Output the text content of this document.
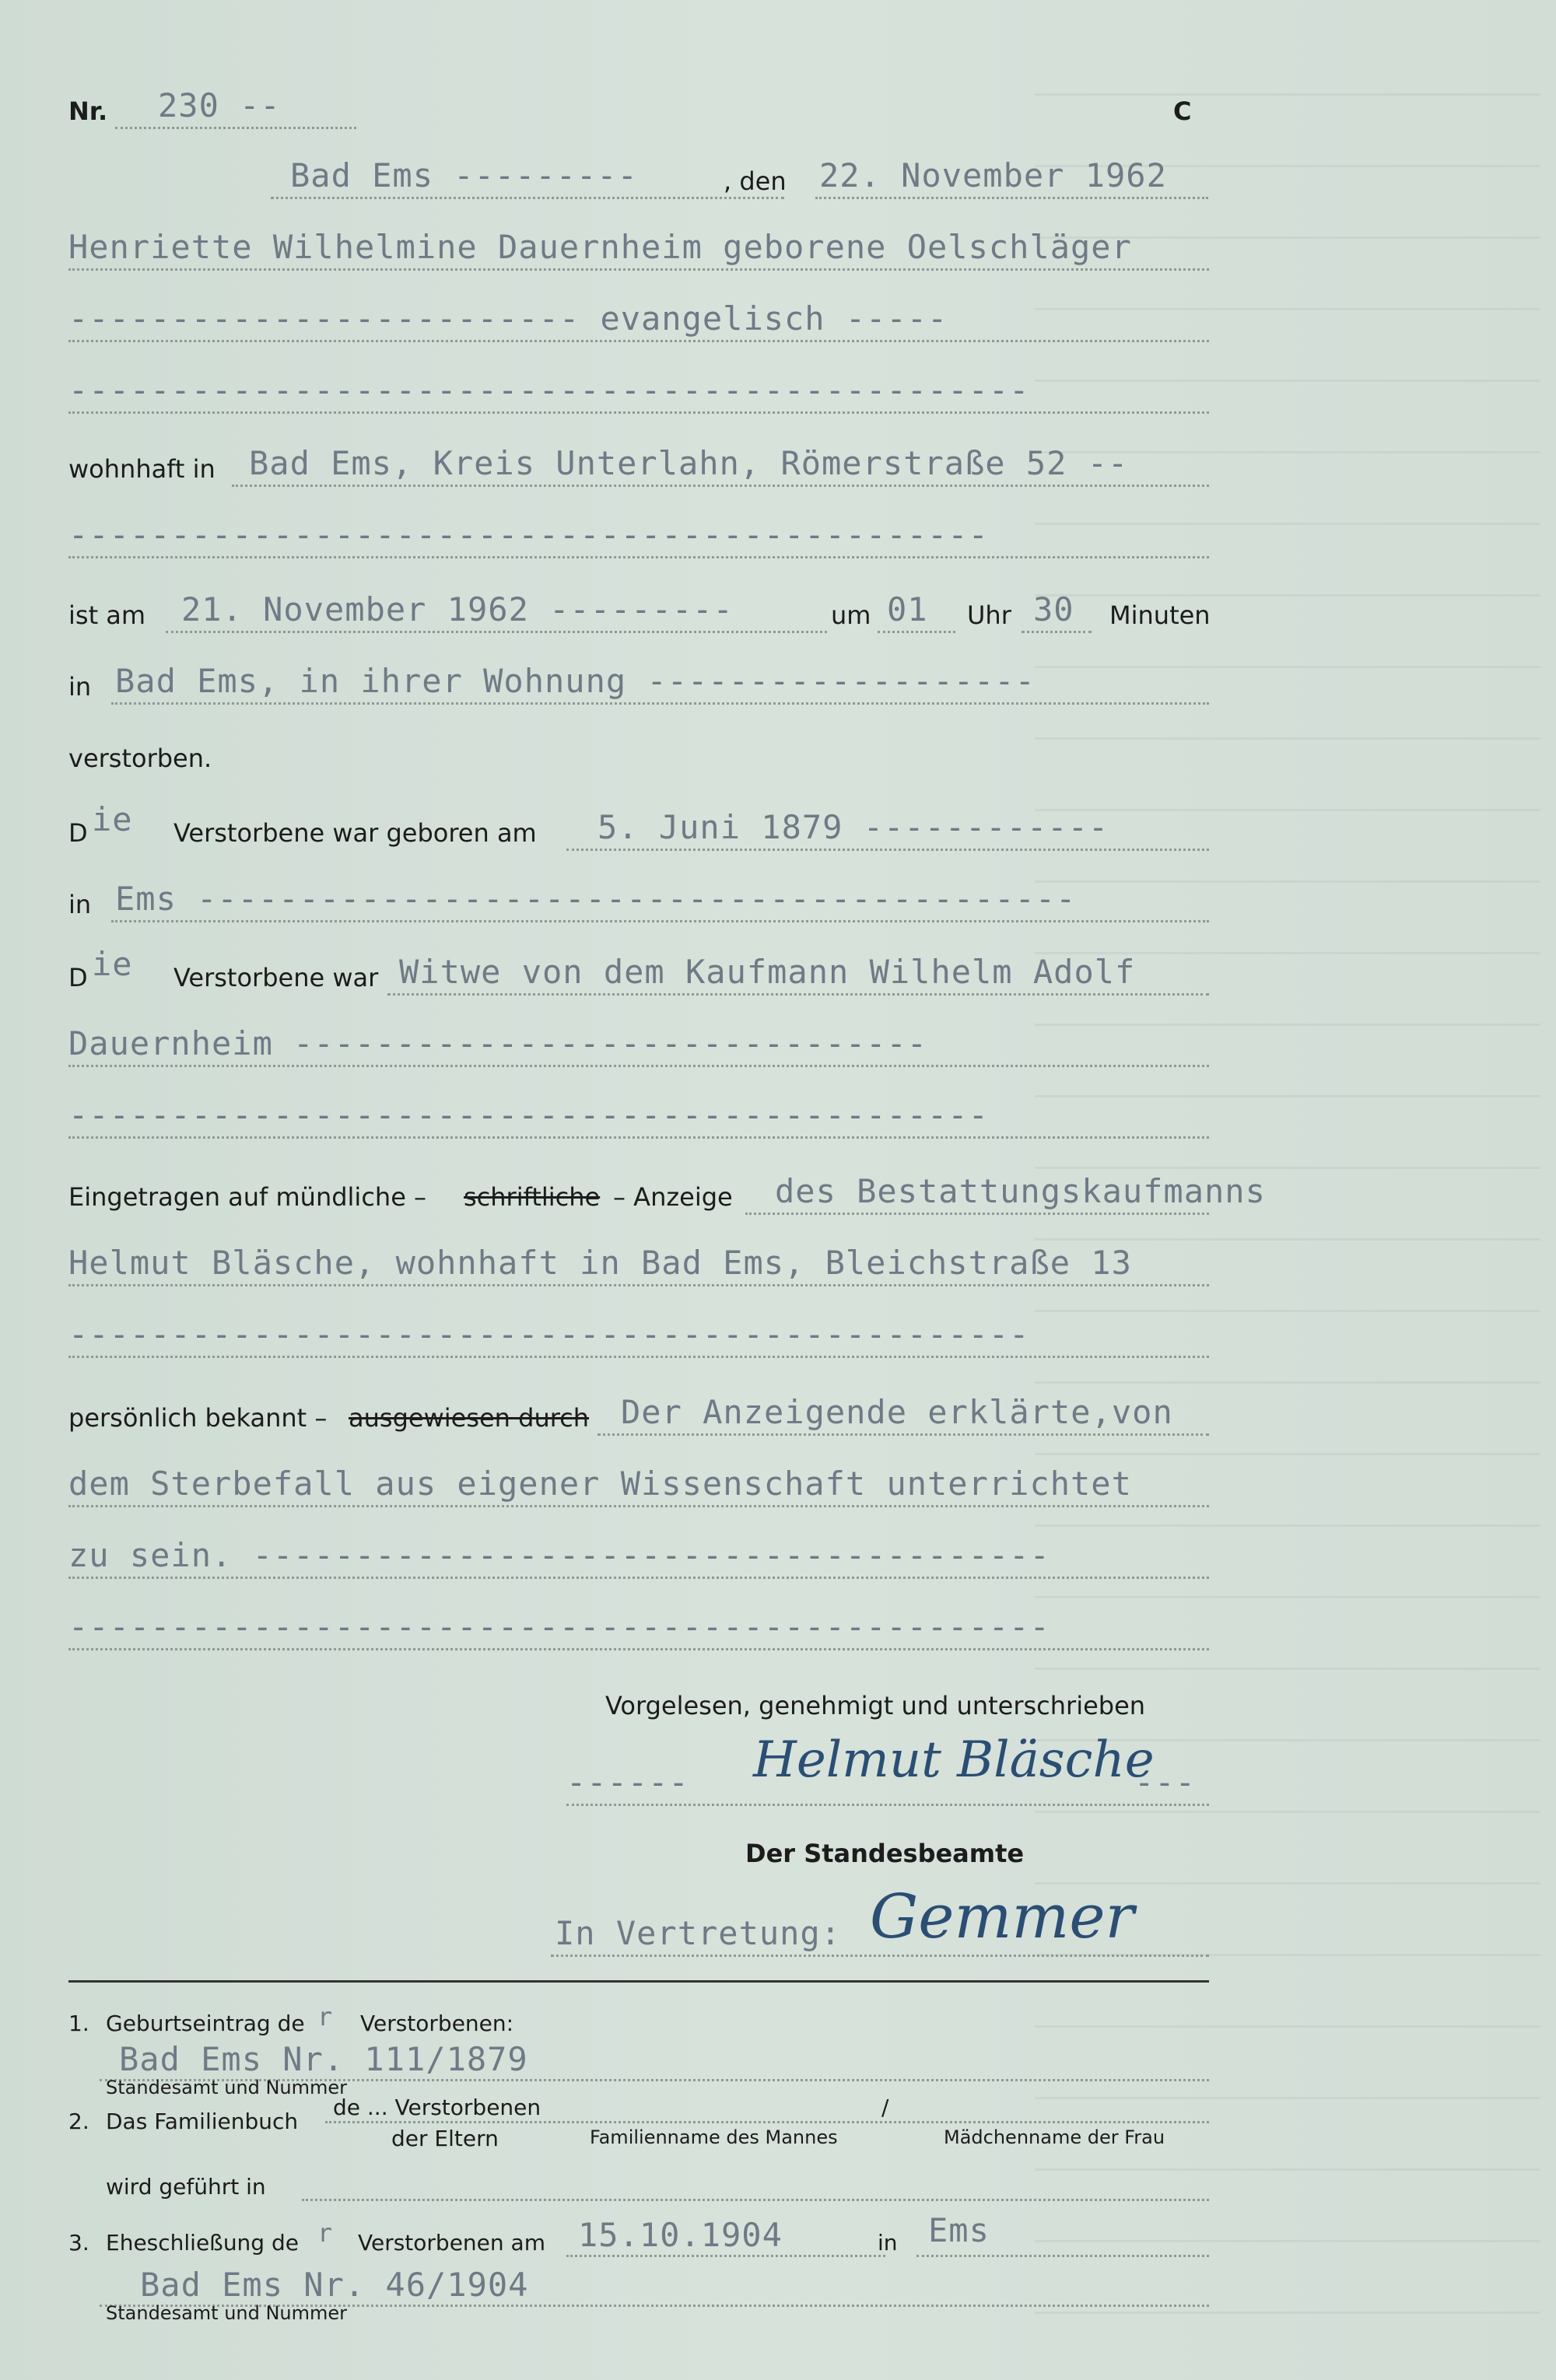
Nr. 230 --	C
Bad Ems ---------	, den 22. November 1962
Henriette Wilhelmine Dauernheim geborene Oelschläger
------------------------- evangelisch -----
-----------------------------------------------
wohnhaft in Bad Ems, Kreis Unterlahn, Römerstraße 52 --
---------------------------------------------
ist am 21. November 1962 ---------	um 01 Uhr 30 Minuten
in Bad Ems, in ihrer Wohnung -------------------
verstorben.
D ie Verstorbene war geboren am 5. Juni 1879 ------------
in Ems -------------------------------------------
D ie Verstorbene war Witwe von dem Kaufmann Wilhelm Adolf
Dauernheim -------------------------------
---------------------------------------------
Eingetragen auf mündliche – schriftliche – Anzeige des Bestattungskaufmanns
Helmut Bläsche, wohnhaft in Bad Ems, Bleichstraße 13
-----------------------------------------------
persönlich bekannt – ausgewiesen durch Der Anzeigende erklärte,von
dem Sterbefall aus eigener Wissenschaft unterrichtet
zu sein. ---------------------------------------
------------------------------------------------
Vorgelesen, genehmigt und unterschrieben
------ Helmut Bläsche
---
Der Standesbeamte
In Vertretung: Gemmer
1. Geburtseintrag de r Verstorbenen:
Bad Ems Nr. 111/1879
Standesamt und Nummer
2. Das Familienbuch
de ... Verstorbenen
der Eltern	Familienname des Mannes
/
Mädchenname der Frau
wird geführt in
3. Eheschließung de r Verstorbenen am 15.10.1904	in Ems
Bad Ems Nr. 46/1904
Standesamt und Nummer
